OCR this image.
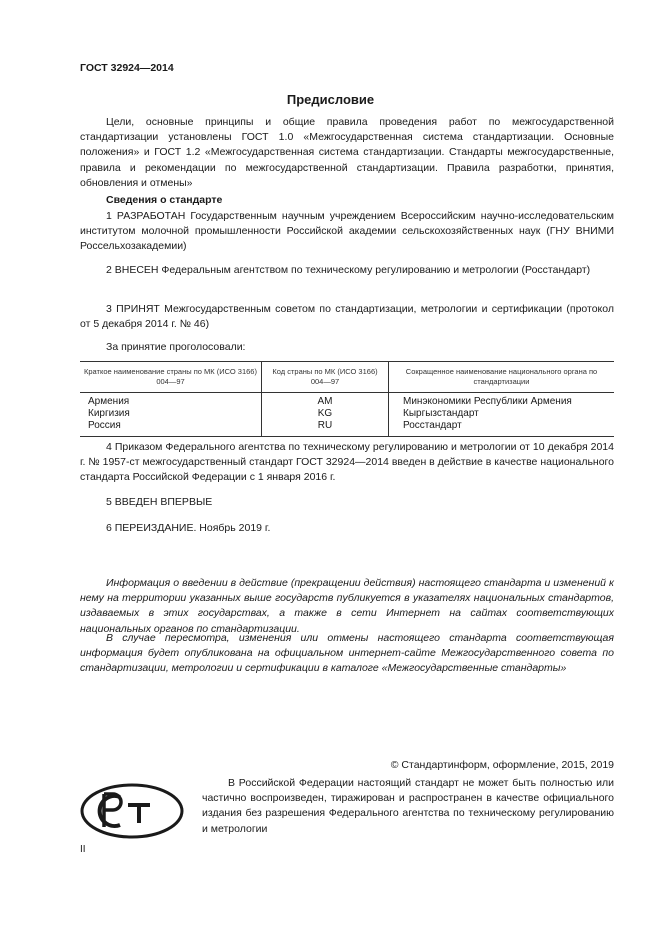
ГОСТ 32924—2014
Предисловие
Цели, основные принципы и общие правила проведения работ по межгосударственной стандартизации установлены ГОСТ 1.0 «Межгосударственная система стандартизации. Основные положения» и ГОСТ 1.2 «Межгосударственная система стандартизации. Стандарты межгосударственные, правила и рекомендации по межгосударственной стандартизации. Правила разработки, принятия, обновления и отмены»
Сведения о стандарте
1 РАЗРАБОТАН Государственным научным учреждением Всероссийским научно-исследовательским институтом молочной промышленности Российской академии сельскохозяйственных наук (ГНУ ВНИМИ Россельхозакадемии)
2 ВНЕСЕН Федеральным агентством по техническому регулированию и метрологии (Росстандарт)
3 ПРИНЯТ Межгосударственным советом по стандартизации, метрологии и сертификации (протокол от 5 декабря 2014 г. № 46)
За принятие проголосовали:
Краткое наименование страны по МК (ИСО 3166) 004—97	Код страны по МК (ИСО 3166) 004—97	Сокращенное наименование национального органа по стандартизации
Армения	AM	Минэкономики Республики Армения
Киргизия	KG	Кыргызстандарт
Россия	RU	Росстандарт
4 Приказом Федерального агентства по техническому регулированию и метрологии от 10 декабря 2014 г. № 1957-ст межгосударственный стандарт ГОСТ 32924—2014 введен в действие в качестве национального стандарта Российской Федерации с 1 января 2016 г.
5 ВВЕДЕН ВПЕРВЫЕ
6 ПЕРЕИЗДАНИЕ. Ноябрь 2019 г.
Информация о введении в действие (прекращении действия) настоящего стандарта и изменений к нему на территории указанных выше государств публикуется в указателях национальных стандартов, издаваемых в этих государствах, а также в сети Интернет на сайтах соответствующих национальных органов по стандартизации.
В случае пересмотра, изменения или отмены настоящего стандарта соответствующая информация будет опубликована на официальном интернет-сайте Межгосударственного совета по стандартизации, метрологии и сертификации в каталоге «Межгосударственные стандарты»
© Стандартинформ, оформление, 2015, 2019
РСТ
В Российской Федерации настоящий стандарт не может быть полностью или частично воспроизведен, тиражирован и распространен в качестве официального издания без разрешения Федерального агентства по техническому регулированию и метрологии
II
